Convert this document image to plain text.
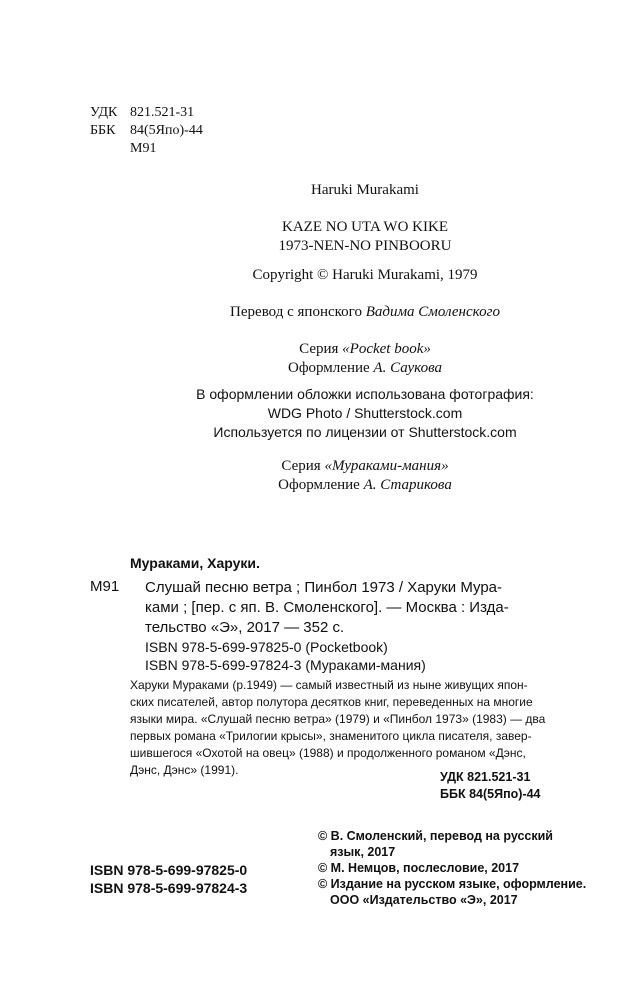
УДК 821.521-31
ББК	84(5Япо)-44
М91
Haruki Murakami
KAZE NO UTA WO KIKE
1973-NEN-NO PINBOORU
Copyright © Haruki Murakami, 1979
Перевод с японского Вадима Смоленского
Серия «Pocket book»
Оформление А. Саукова
В оформлении обложки использована фотография:
WDG Photo / Shutterstock.com
Используется по лицензии от Shutterstock.com
Серия «Мураками-мания»
Оформление А. Старикова
Мураками, Харуки.
М91 Слушай песню ветра ; Пинбол 1973 / Харуки Мура-
ками ; [пер. с яп. В. Смоленского]. — Москва : Изда-
тельство «Э», 2017 — 352 с.
ISBN 978-5-699-97825-0 (Pocketbook)
ISBN 978-5-699-97824-3 (Мураками-мания)
Харуки Мураками (р.1949) — самый известный из ныне живущих япон-
ских писателей, автор полутора десятков книг, переведенных на многие
языки мира. «Слушай песню ветра» (1979) и «Пинбол 1973» (1983) — два
первых романа «Трилогии крысы», знаменитого цикла писателя, завер-
шившегося «Охотой на овец» (1988) и продолженного романом «Дэнс,
Дэнс, Дэнс» (1991).	УДК 821.521-31
ББК 84(5Япо)-44
ISBN 978-5-699-97825-0
ISBN 978-5-699-97824-3
© В. Смоленский, перевод на русский
язык, 2017
© М. Немцов, послесловие, 2017
© Издание на русском языке, оформление.
ООО «Издательство «Э», 2017
